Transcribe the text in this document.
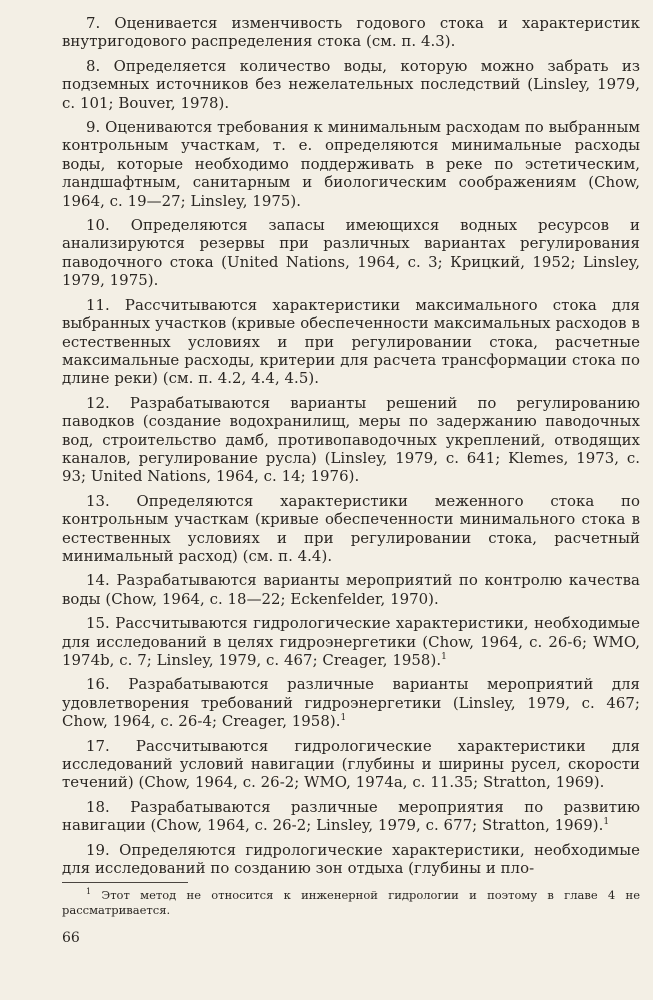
7. Оценивается изменчивость годового стока и характеристик внутригодового распределения стока (см. п. 4.3).

8. Определяется количество воды, которую можно забрать из подземных источников без нежелательных последствий (Linsley, 1979, с. 101; Bouver, 1978).

9. Оцениваются требования к минимальным расходам по выбранным контрольным участкам, т. е. определяются минимальные расходы воды, которые необходимо поддерживать в реке по эстетическим, ландшафтным, санитарным и биологическим соображениям (Chow, 1964, с. 19—27; Linsley, 1975).

10. Определяются запасы имеющихся водных ресурсов и анализируются резервы при различных вариантах регулирования паводочного стока (United Nations, 1964, с. 3; Крицкий, 1952; Linsley, 1979, 1975).

11. Рассчитываются характеристики максимального стока для выбранных участков (кривые обеспеченности максимальных расходов в естественных условиях и при регулировании стока, расчетные максимальные расходы, критерии для расчета трансформации стока по длине реки) (см. п. 4.2, 4.4, 4.5).

12. Разрабатываются варианты решений по регулированию паводков (создание водохранилищ, меры по задержанию паводочных вод, строительство дамб, противопаводочных укреплений, отводящих каналов, регулирование русла) (Linsley, 1979, с. 641; Klemes, 1973, с. 93; United Nations, 1964, с. 14; 1976).

13. Определяются характеристики меженного стока по контрольным участкам (кривые обеспеченности минимального стока в естественных условиях и при регулировании стока, расчетный минимальный расход) (см. п. 4.4).

14. Разрабатываются варианты мероприятий по контролю качества воды (Chow, 1964, с. 18—22; Eckenfelder, 1970).

15. Рассчитываются гидрологические характеристики, необходимые для исследований в целях гидроэнергетики (Chow, 1964, с. 26-6; WMO, 1974b, с. 7; Linsley, 1979, с. 467; Creager, 1958).$^1$

16. Разрабатываются различные варианты мероприятий для удовлетворения требований гидроэнергетики (Linsley, 1979, с. 467; Chow, 1964, с. 26-4; Creager, 1958).$^1$

17. Рассчитываются гидрологические характеристики для исследований условий навигации (глубины и ширины русел, скорости течений) (Chow, 1964, с. 26-2; WMO, 1974a, с. 11.35; Stratton, 1969).

18. Разрабатываются различные мероприятия по развитию навигации (Chow, 1964, с. 26-2; Linsley, 1979, с. 677; Stratton, 1969).$^1$

19. Определяются гидрологические характеристики, необходимые для исследований по созданию зон отдыха (глубины и пло-

$^1$ Этот метод не относится к инженерной гидрологии и поэтому в главе 4 не рассматривается.

66
